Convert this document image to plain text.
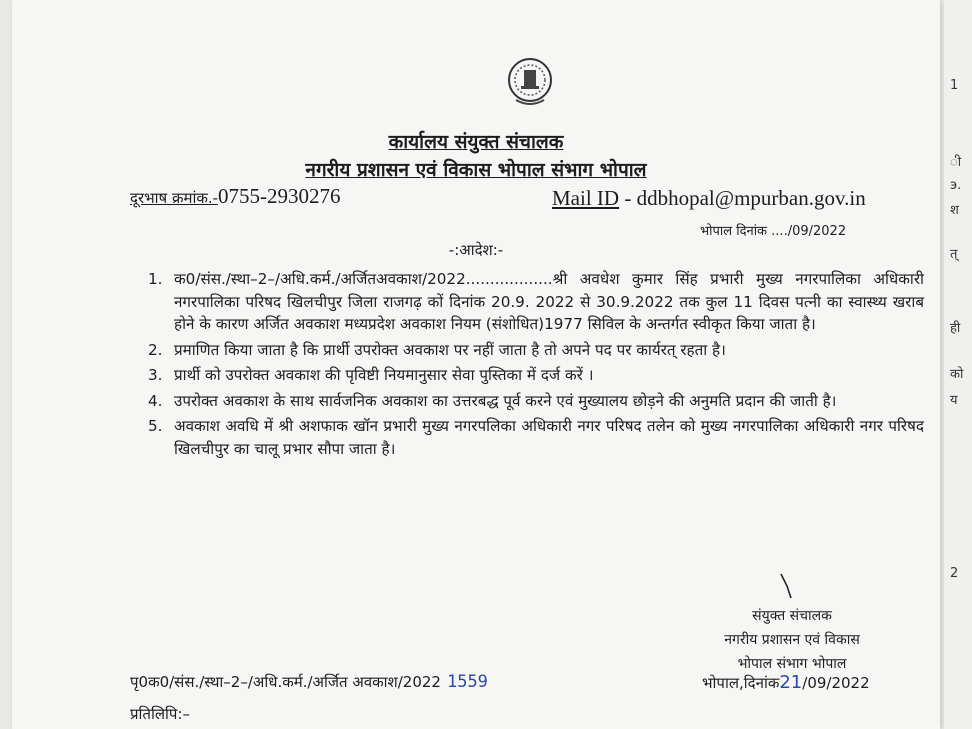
कार्यालय संयुक्त संचालक
नगरीय प्रशासन एवं विकास भोपाल संभाग भोपाल
दूरभाष क्रमांक.-0755-2930276	Mail ID - ddbhopal@mpurban.gov.in
भोपाल दिनांक ..../09/2022
-:आदेश:-
1. क0/संस./स्था–2–/अधि.कर्म./अर्जितअवकाश/2022..................श्री अवधेश कुमार सिंह प्रभारी मुख्य नगरपालिका अधिकारी नगरपालिका परिषद खिलचीपुर जिला राजगढ़ कों दिनांक 20.9. 2022 से 30.9.2022 तक कुल 11 दिवस पत्नी का स्वास्थ्य खराब होने के कारण अर्जित अवकाश मध्यप्रदेश अवकाश नियम (संशोधित)1977 सिविल के अन्तर्गत स्वीकृत किया जाता है।
2. प्रमाणित किया जाता है कि प्रार्थी उपरोक्त अवकाश पर नहीं जाता है तो अपने पद पर कार्यरत् रहता है।
3. प्रार्थी को उपरोक्त अवकाश की पृविष्टी नियमानुसार सेवा पुस्तिका में दर्ज करें ।
4. उपरोक्त अवकाश के साथ सार्वजनिक अवकाश का उत्तरबद्ध पूर्व करने एवं मुख्यालय छोड़ने की अनुमति प्रदान की जाती है।
5. अवकाश अवधि में श्री अशफाक खॉन प्रभारी मुख्य नगरपलिका अधिकारी नगर परिषद तलेन को मुख्य नगरपालिका अधिकारी नगर परिषद खिलचीपुर का चालू प्रभार सौपा जाता है।
संयुक्त संचालक
नगरीय प्रशासन एवं विकास
भोपाल संभाग भोपाल
पृ0क0/संस./स्था–2–/अधि.कर्म./अर्जित अवकाश/2022 1559	भोपाल,दिनांक21/09/2022
प्रतिलिपि:–
1
ी
э.
श
त्
ही
को
य
2
